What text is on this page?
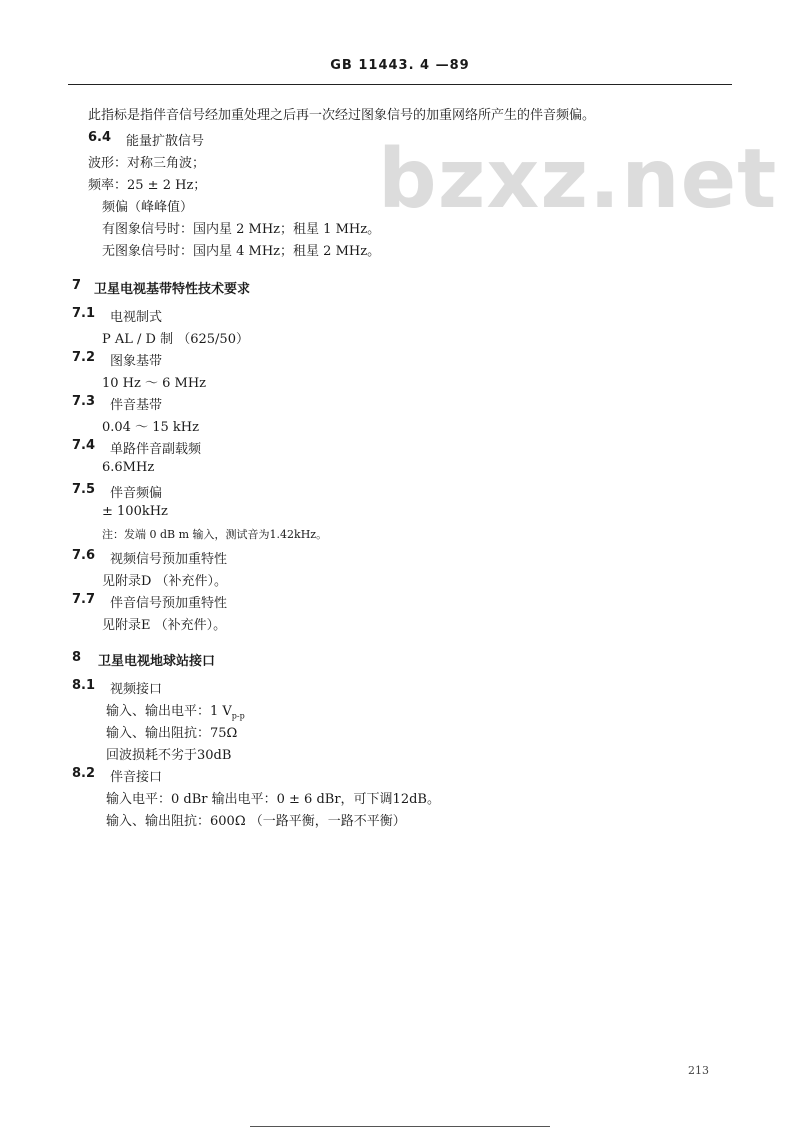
bzxz.net
GB 11443. 4 —89
此指标是指伴音信号经加重处理之后再一次经过图象信号的加重网络所产生的伴音频偏。
6.4 能量扩散信号
波形：对称三角波；
频率：25 ± 2 Hz；
频偏（峰峰值）
有图象信号时：国内星 2 MHz；租星 1 MHz。
无图象信号时：国内星 4 MHz；租星 2 MHz。
7 卫星电视基带特性技术要求
7.1 电视制式
P AL / D 制 （625/50）
7.2 图象基带
10 Hz ～ 6 MHz
7.3 伴音基带
0.04 ～ 15 kHz
7.4 单路伴音副载频
6.6MHz
7.5 伴音频偏
± 100kHz
注：发端 0 dB m 输入，测试音为1.42kHz。
7.6 视频信号预加重特性
见附录D （补充件）。
7.7 伴音信号预加重特性
见附录E （补充件）。
8 卫星电视地球站接口
8.1 视频接口
输入、输出电平：1 $V_{p-p}$
输入、输出阻抗：75Ω
回波损耗不劣于30dB
8.2 伴音接口
输入电平：0 dBr 输出电平：0 ± 6 dBr，可下调12dB。
输入、输出阻抗：600Ω （一路平衡，一路不平衡）
213
